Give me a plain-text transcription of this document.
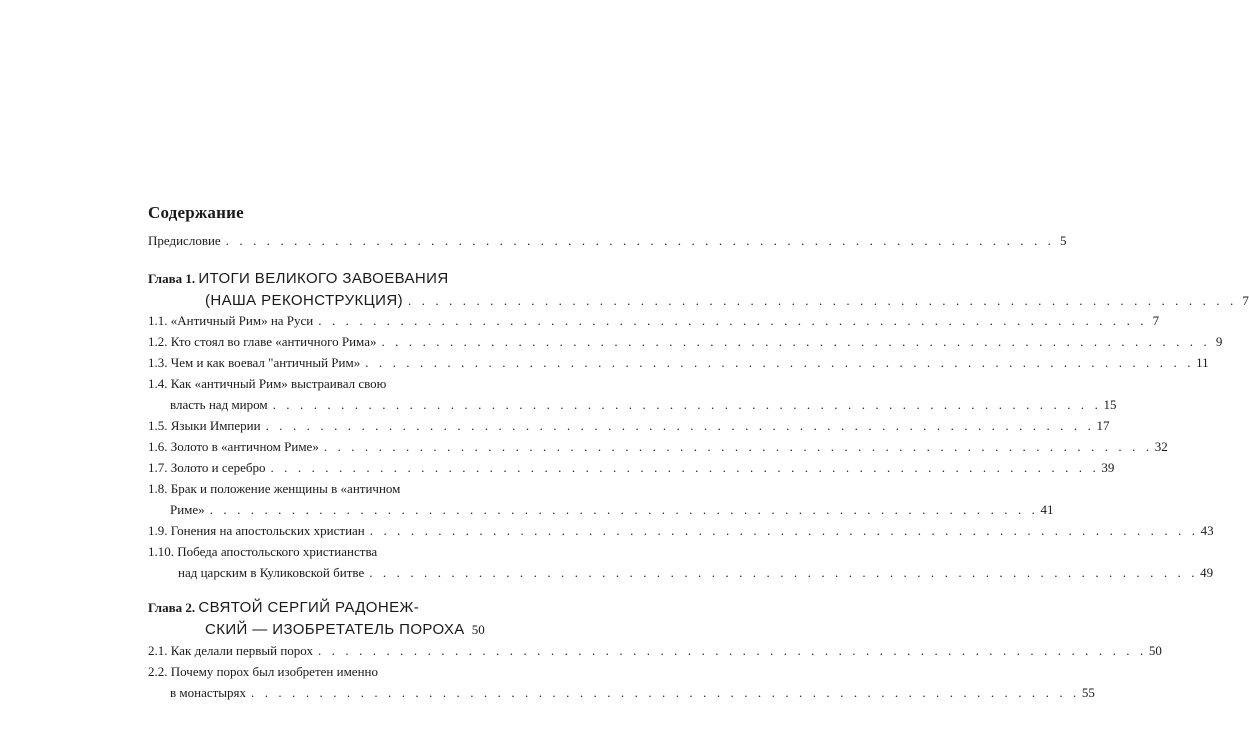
Содержание
Предисловие . . . . . . . . . . . . . . . . . . . . . . . . . . . . . . . . . . . . . . . . . . . . . . . . . . . . . . . . . . . . . 5
Глава 1. ИТОГИ ВЕЛИКОГО ЗАВОЕВАНИЯ
(НАША РЕКОНСТРУКЦИЯ) . . . . . . . . . . . . . . . . . . . . . . . . . . . . . . . . . . . . . . . . . . . . . . . . . . . . . . . . . . . . . 7
1.1. «Античный Рим» на Руси . . . . . . . . . . . . . . . . . . . . . . . . . . . . . . . . . . . . . . . . . . . . . . . . . . . . . . . . . . . . . 7
1.2. Кто стоял во главе «античного Рима» . . . . . . . . . . . . . . . . . . . . . . . . . . . . . . . . . . . . . . . . . . . . . . . . . . . . . . . . . . . . . 9
1.3. Чем и как воевал "античный Рим» . . . . . . . . . . . . . . . . . . . . . . . . . . . . . . . . . . . . . . . . . . . . . . . . . . . . . . . . . . . . . 11
1.4. Как «античный Рим» выстраивал свою
власть над миром . . . . . . . . . . . . . . . . . . . . . . . . . . . . . . . . . . . . . . . . . . . . . . . . . . . . . . . . . . . . . 15
1.5. Языки Империи . . . . . . . . . . . . . . . . . . . . . . . . . . . . . . . . . . . . . . . . . . . . . . . . . . . . . . . . . . . . . 17
1.6. Золото в «античном Риме» . . . . . . . . . . . . . . . . . . . . . . . . . . . . . . . . . . . . . . . . . . . . . . . . . . . . . . . . . . . . . 32
1.7. Золото и серебро . . . . . . . . . . . . . . . . . . . . . . . . . . . . . . . . . . . . . . . . . . . . . . . . . . . . . . . . . . . . . 39
1.8. Брак и положение женщины в «античном
Риме» . . . . . . . . . . . . . . . . . . . . . . . . . . . . . . . . . . . . . . . . . . . . . . . . . . . . . . . . . . . . . 41
1.9. Гонения на апостольских христиан . . . . . . . . . . . . . . . . . . . . . . . . . . . . . . . . . . . . . . . . . . . . . . . . . . . . . . . . . . . . . 43
1.10. Победа апостольского христианства
над царским в Куликовской битве . . . . . . . . . . . . . . . . . . . . . . . . . . . . . . . . . . . . . . . . . . . . . . . . . . . . . . . . . . . . . 49
Глава 2. СВЯТОЙ СЕРГИЙ РАДОНЕЖ-
СКИЙ — ИЗОБРЕТАТЕЛЬ ПОРОХА 50
2.1. Как делали первый порох . . . . . . . . . . . . . . . . . . . . . . . . . . . . . . . . . . . . . . . . . . . . . . . . . . . . . . . . . . . . . 50
2.2. Почему порох был изобретен именно
в монастырях . . . . . . . . . . . . . . . . . . . . . . . . . . . . . . . . . . . . . . . . . . . . . . . . . . . . . . . . . . . . . 55
